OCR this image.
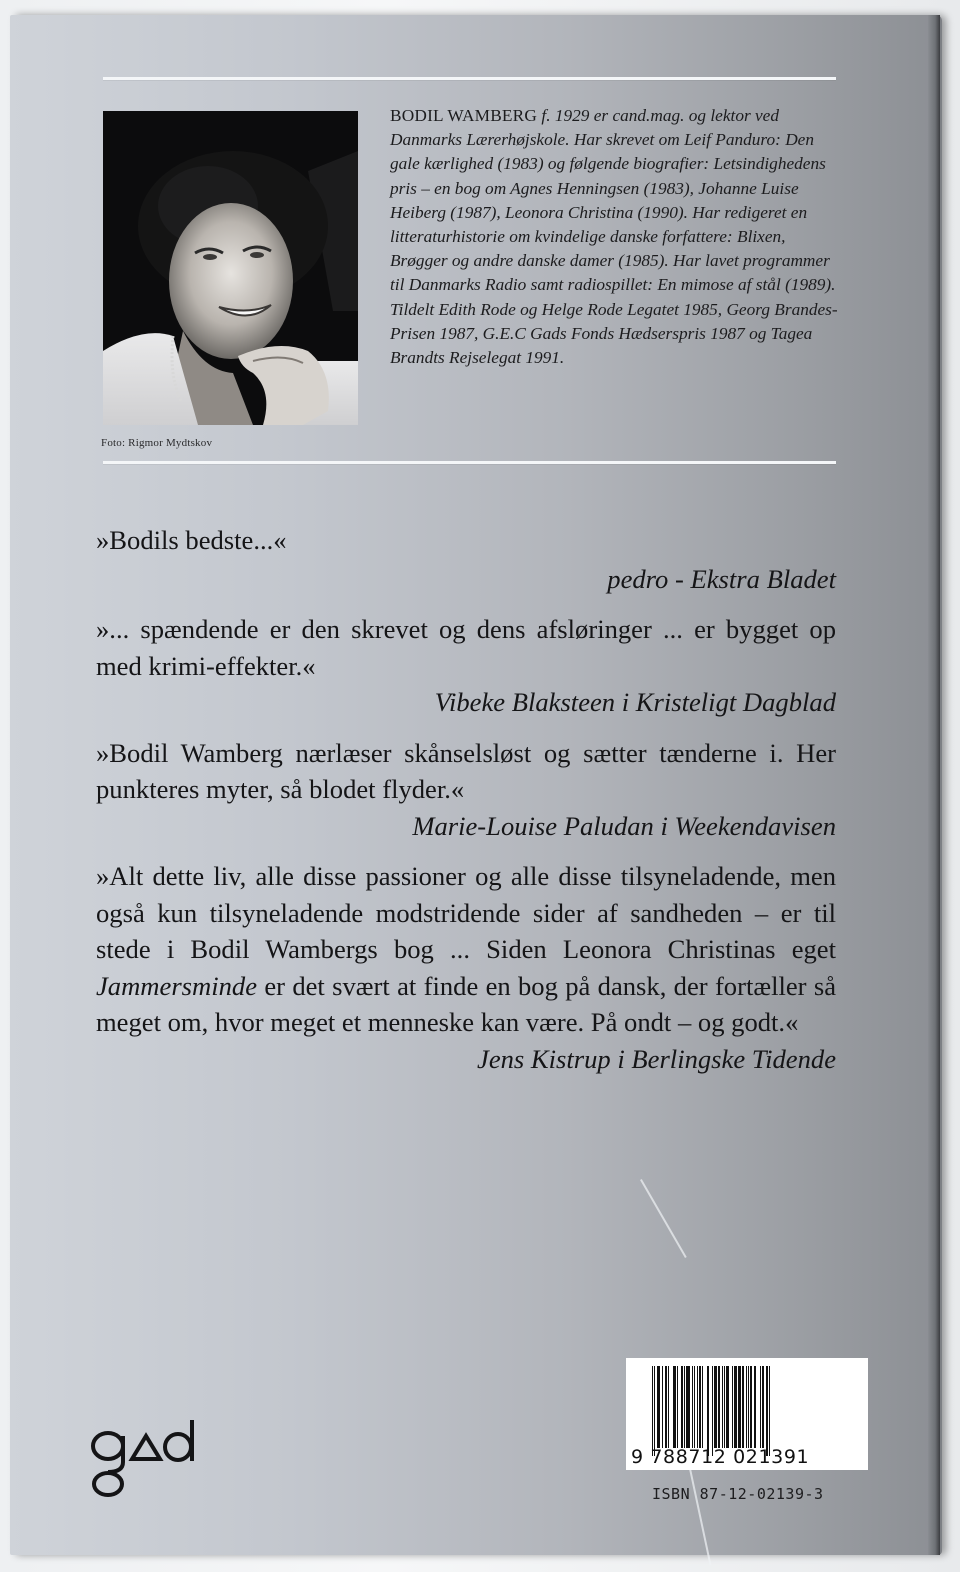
BODIL WAMBERG f. 1929 er cand.mag. og lektor ved Danmarks Lærerhøjskole. Har skrevet om Leif Panduro: Den gale kærlighed (1983) og følgende biografier: Letsindighedens pris – en bog om Agnes Henningsen (1983), Johanne Luise Heiberg (1987), Leonora Christina (1990). Har redigeret en litteraturhistorie om kvindelige danske forfattere: Blixen, Brøgger og andre danske damer (1985). Har lavet programmer til Danmarks Radio samt radiospillet: En mimose af stål (1989). Tildelt Edith Rode og Helge Rode Legatet 1985, Georg Brandes-Prisen 1987, G.E.C Gads Fonds Hædserspris 1987 og Tagea Brandts Rejselegat 1991.
Foto: Rigmor Mydtskov
»Bodils bedste...«
pedro - Ekstra Bladet
»... spændende er den skrevet og dens afsløringer ... er bygget op med krimi-effekter.«
Vibeke Blaksteen i Kristeligt Dagblad
»Bodil Wamberg nærlæser skånselsløst og sætter tænderne i. Her punkteres myter, så blodet flyder.«
Marie-Louise Paludan i Weekendavisen
»Alt dette liv, alle disse passioner og alle disse tilsyneladende, men også kun tilsyneladende modstridende sider af sandheden – er til stede i Bodil Wambergs bog ... Siden Leonora Christinas eget Jammersminde er det svært at finde en bog på dansk, der fortæller så meget om, hvor meget et menneske kan være. På ondt – og godt.«
Jens Kistrup i Berlingske Tidende
9 788712 021391
ISBN 87-12-02139-3
